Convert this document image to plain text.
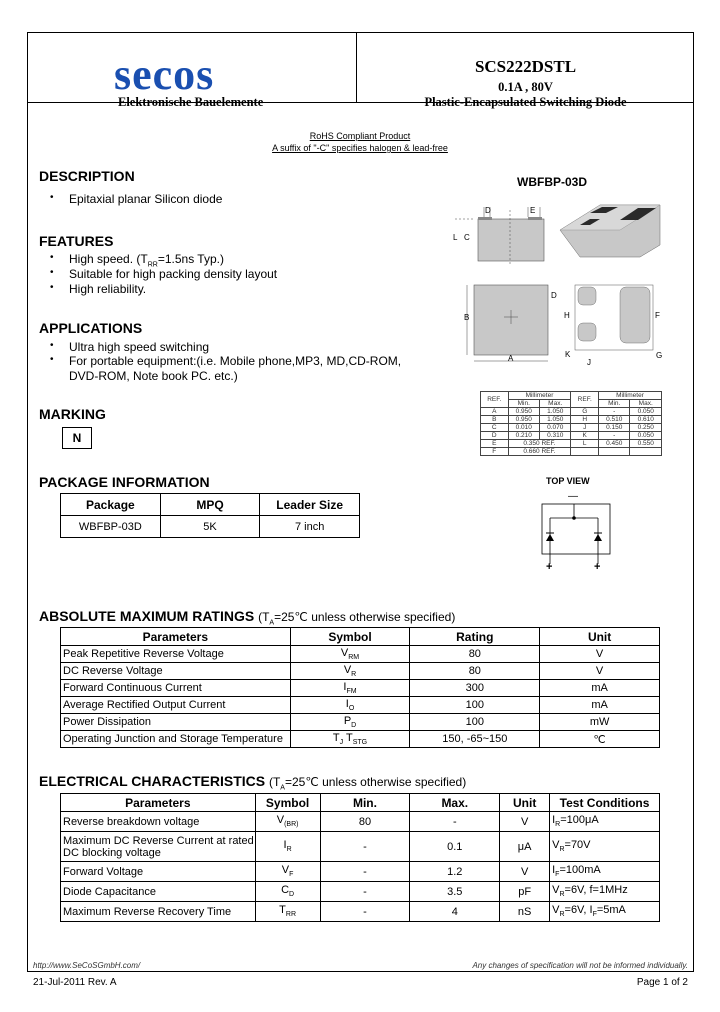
secos
Elektronische Bauelemente
SCS222DSTL
0.1A , 80V
Plastic-Encapsulated Switching Diode
RoHS Compliant Product
A suffix of "-C" specifies halogen & lead-free
DESCRIPTION
• Epitaxial planar Silicon diode
FEATURES
• High speed. ($T_{RR}=1.5ns$ Typ.)
• Suitable for high packing density layout
• High reliability.
APPLICATIONS
• Ultra high speed switching
• For portable equipment:(i.e. Mobile phone,MP3, MD,CD-ROM,
DVD-ROM, Note book PC. etc.)
MARKING
N
PACKAGE INFORMATION
Package	MPQ	Leader Size
WBFBP-03D	5K	7 inch
WBFBP-03D
D	E
L C
B
A
D
F
H
K
J
G
REF.	Millimeter		REF.	Millimeter	
	Min.	Max.		Min.	Max.
A	0.950	1.050	G	-	0.050
B	0.950	1.050	H	0.510	0.610
C	0.010	0.070	J	0.150	0.250
D	0.210	0.310	K	-	0.050
E	0.350 REF.		L	0.450	0.550
F	0.660 REF.				
TOP VIEW
—
+	+
ABSOLUTE MAXIMUM RATINGS ($T_A=25℃$ unless otherwise specified)
Parameters	Symbol	Rating	Unit
Peak Repetitive Reverse Voltage	$V_{RM}$	80	V
DC Reverse Voltage	$V_R$	80	V
Forward Continuous Current	$I_{FM}$	300	mA
Average Rectified Output Current	$I_O$	100	mA
Power Dissipation	$P_D$	100	mW
Operating Junction and Storage Temperature	$T_J$ $T_{STG}$	150, -65~150	℃
ELECTRICAL CHARACTERISTICS ($T_A=25℃$ unless otherwise specified)
Parameters	Symbol	Min.	Max.	Unit	Test Conditions
Reverse breakdown voltage	$V_{(BR)}$	80	-	V	$I_R=100\mu A$
Maximum DC Reverse Current at rated
DC blocking voltage	$I_R$	-	0.1	μA	$V_R=70V$
Forward Voltage	$V_F$	-	1.2	V	$I_F=100mA$
Diode Capacitance	$C_D$	-	3.5	pF	$V_R=6V$, f=1MHz
Maximum Reverse Recovery Time	$T_{RR}$	-	4	nS	$V_R=6V$, $I_F=5mA$
http://www.SeCoSGmbH.com/	Any changes of specification will not be informed individually.
21-Jul-2011 Rev. A	Page 1 of 2
